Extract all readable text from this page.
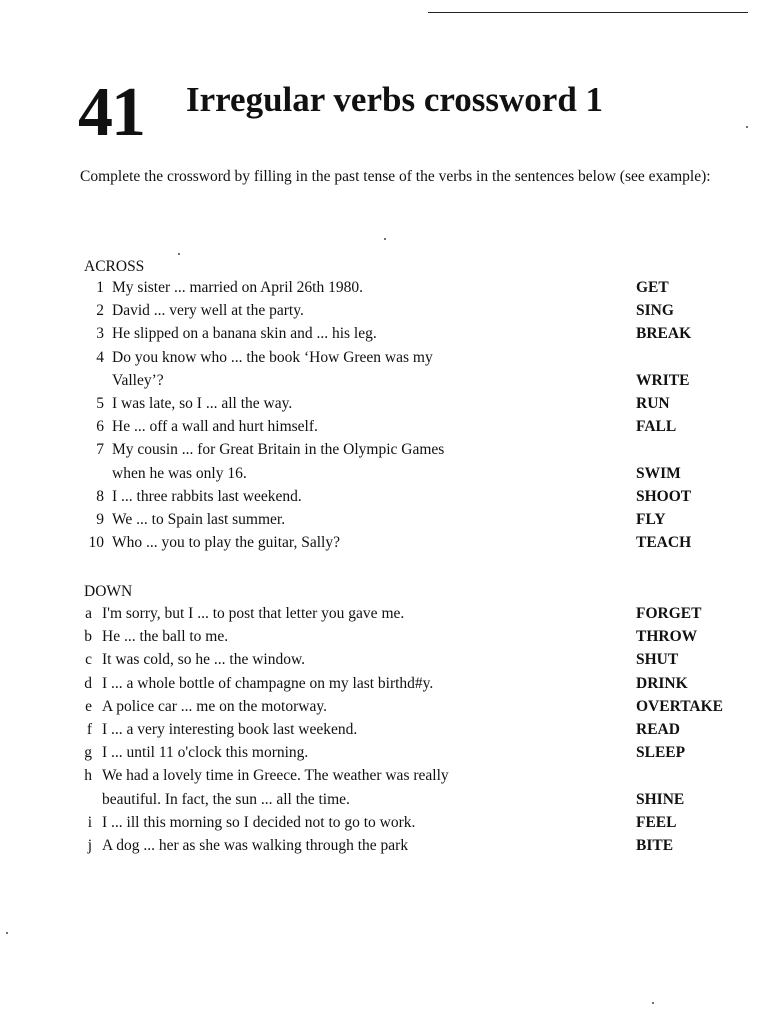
41 Irregular verbs crossword 1
Complete the crossword by filling in the past tense of the verbs in the sentences below (see example):
ACROSS
1 My sister ... married on April 26th 1980.	GET
2 David ... very well at the party.	SING
3 He slipped on a banana skin and ... his leg.	BREAK
4 Do you know who ... the book ‘How Green was my
Valley’?	WRITE
5 I was late, so I ... all the way.	RUN
6 He ... off a wall and hurt himself.	FALL
7 My cousin ... for Great Britain in the Olympic Games
when he was only 16.	SWIM
8 I ... three rabbits last weekend.	SHOOT
9 We ... to Spain last summer.	FLY
10 Who ... you to play the guitar, Sally?	TEACH
DOWN
a I'm sorry, but I ... to post that letter you gave me.	FORGET
b He ... the ball to me.	THROW
c It was cold, so he ... the window.	SHUT
d I ... a whole bottle of champagne on my last birthd#y.	DRINK
e A police car ... me on the motorway.	OVERTAKE
f I ... a very interesting book last weekend.	READ
g I ... until 11 o'clock this morning.	SLEEP
h We had a lovely time in Greece. The weather was really
beautiful. In fact, the sun ... all the time.	SHINE
i I ... ill this morning so I decided not to go to work.	FEEL
j A dog ... her as she was walking through the park	BITE
